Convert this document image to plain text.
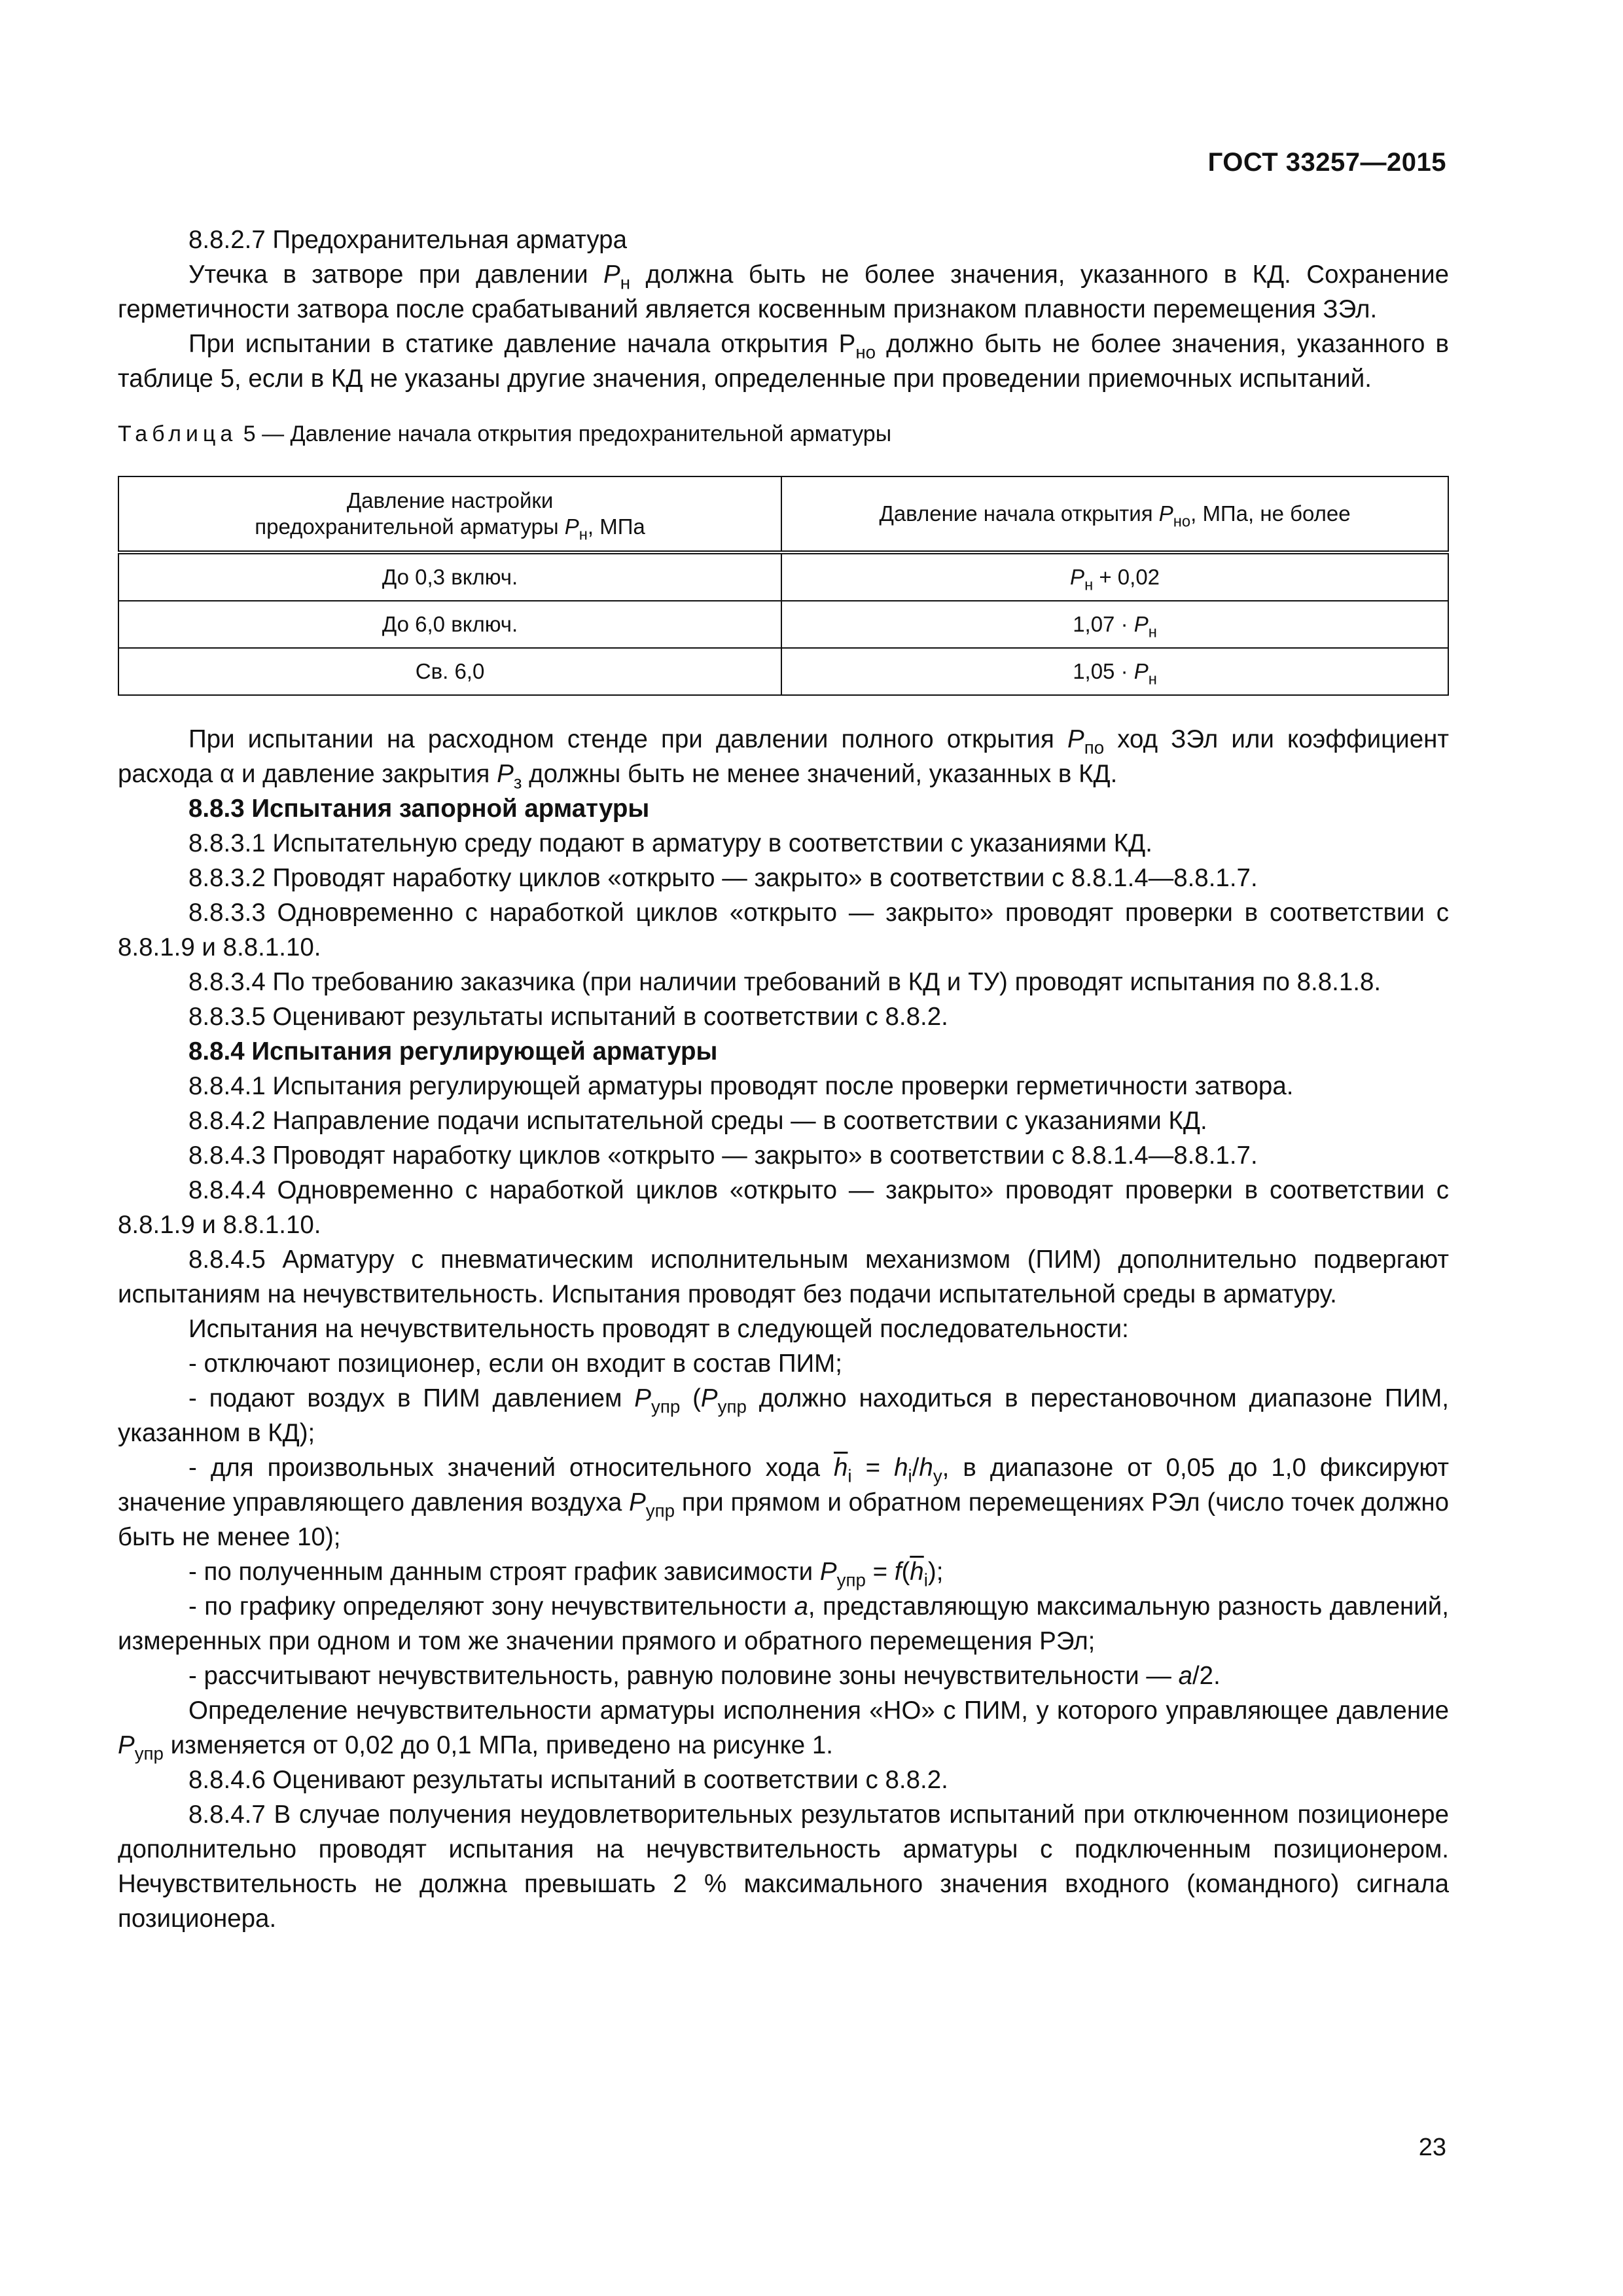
ГОСТ 33257—2015

8.8.2.7 Предохранительная арматура

Утечка в затворе при давлении $P_н$ должна быть не более значения, указанного в КД. Сохранение герметичности затвора после срабатываний является косвенным признаком плавности перемещения ЗЭл.

При испытании в статике давление начала открытия $Р_{но}$ должно быть не более значения, указанного в таблице 5, если в КД не указаны другие значения, определенные при проведении приемочных испытаний.

Таблица 5 — Давление начала открытия предохранительной арматуры

Давление настройки
предохранительной арматуры $P_н$, МПа	Давление начала открытия $P_{но}$, МПа, не более
До 0,3 включ.	$P_н + 0,02$
До 6,0 включ.	$1,07 \cdot P_н$
Св. 6,0	$1,05 \cdot P_н$

При испытании на расходном стенде при давлении полного открытия $P_{по}$ ход ЗЭл или коэффициент расхода α и давление закрытия $P_з$ должны быть не менее значений, указанных в КД.

8.8.3 Испытания запорной арматуры

8.8.3.1 Испытательную среду подают в арматуру в соответствии с указаниями КД.

8.8.3.2 Проводят наработку циклов «открыто — закрыто» в соответствии с 8.8.1.4—8.8.1.7.

8.8.3.3 Одновременно с наработкой циклов «открыто — закрыто» проводят проверки в соответствии с 8.8.1.9 и 8.8.1.10.

8.8.3.4 По требованию заказчика (при наличии требований в КД и ТУ) проводят испытания по 8.8.1.8.

8.8.3.5 Оценивают результаты испытаний в соответствии с 8.8.2.

8.8.4 Испытания регулирующей арматуры

8.8.4.1 Испытания регулирующей арматуры проводят после проверки герметичности затвора.

8.8.4.2 Направление подачи испытательной среды — в соответствии с указаниями КД.

8.8.4.3 Проводят наработку циклов «открыто — закрыто» в соответствии с 8.8.1.4—8.8.1.7.

8.8.4.4 Одновременно с наработкой циклов «открыто — закрыто» проводят проверки в соответствии с 8.8.1.9 и 8.8.1.10.

8.8.4.5 Арматуру с пневматическим исполнительным механизмом (ПИМ) дополнительно подвергают испытаниям на нечувствительность. Испытания проводят без подачи испытательной среды в арматуру.

Испытания на нечувствительность проводят в следующей последовательности:

- отключают позиционер, если он входит в состав ПИМ;

- подают воздух в ПИМ давлением $P_{упр}$ ($P_{упр}$ должно находиться в перестановочном диапазоне ПИМ, указанном в КД);

- для произвольных значений относительного хода $\overline{h}_i = h_i/h_у$, в диапазоне от 0,05 до 1,0 фиксируют значение управляющего давления воздуха $P_{упр}$ при прямом и обратном перемещениях РЭл (число точек должно быть не менее 10);

- по полученным данным строят график зависимости $P_{упр} = f(\overline{h}_i)$;

- по графику определяют зону нечувствительности a, представляющую максимальную разность давлений, измеренных при одном и том же значении прямого и обратного перемещения РЭл;

- рассчитывают нечувствительность, равную половине зоны нечувствительности — a/2.

Определение нечувствительности арматуры исполнения «НО» с ПИМ, у которого управляющее давление $P_{упр}$ изменяется от 0,02 до 0,1 МПа, приведено на рисунке 1.

8.8.4.6 Оценивают результаты испытаний в соответствии с 8.8.2.

8.8.4.7 В случае получения неудовлетворительных результатов испытаний при отключенном позиционере дополнительно проводят испытания на нечувствительность арматуры с подключенным позиционером. Нечувствительность не должна превышать 2 % максимального значения входного (командного) сигнала позиционера.

23
